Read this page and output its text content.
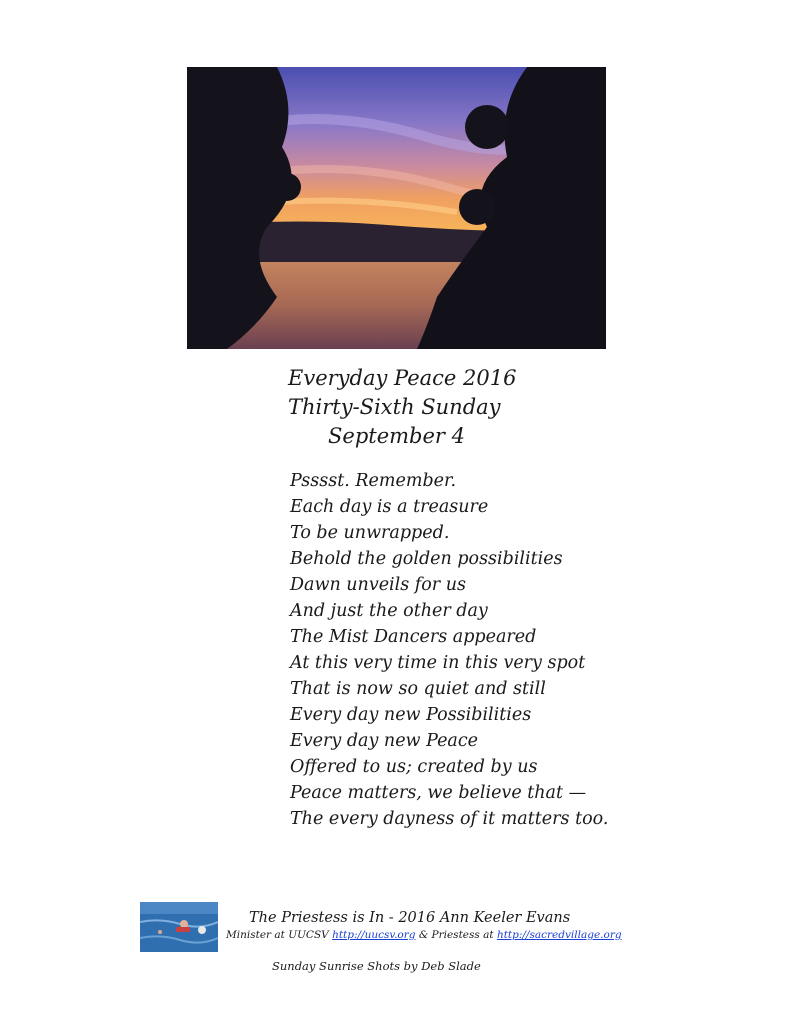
Everyday Peace 2016
Thirty-Sixth Sunday
September 4
Psssst. Remember.
Each day is a treasure
To be unwrapped.
Behold the golden possibilities
Dawn unveils for us
And just the other day
The Mist Dancers appeared
At this very time in this very spot
That is now so quiet and still
Every day new Possibilities
Every day new Peace
Offered to us; created by us
Peace matters, we believe that —
The every dayness of it matters too.
The Priestess is In - 2016 Ann Keeler Evans
Minister at UUCSV http://uucsv.org & Priestess at http://sacredvillage.org
Sunday Sunrise Shots by Deb Slade
